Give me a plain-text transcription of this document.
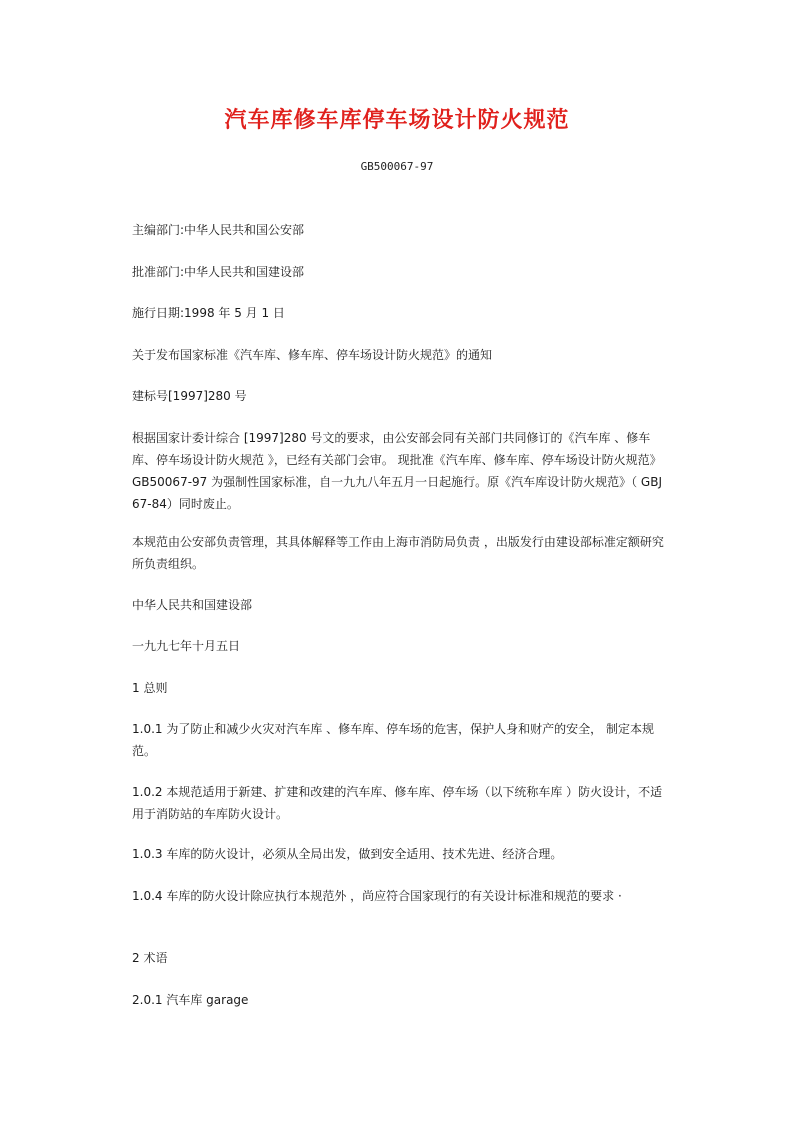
汽车库修车库停车场设计防火规范
GB500067-97
主编部门:中华人民共和国公安部
批准部门:中华人民共和国建设部
施行日期:1998 年 5 月 1 日
关于发布国家标准《汽车库、修车库、停车场设计防火规范》的通知
建标号[1997]280 号
根据国家计委计综合 [1997]280 号文的要求，由公安部会同有关部门共同修订的《汽车库 、修车库、停车场设计防火规范 》，已经有关部门会审。 现批准《汽车库、修车库、停车场设计防火规范》GB50067-97 为强制性国家标准，自一九九八年五月一日起施行。原《汽车库设计防火规范》（ GBJ67-84）同时废止。
本规范由公安部负责管理，其具体解释等工作由上海市消防局负责 ，出版发行由建设部标准定额研究所负责组织。
中华人民共和国建设部
一九九七年十月五日
1 总则
1.0.1 为了防止和减少火灾对汽车库 、修车库、停车场的危害，保护人身和财产的安全， 制定本规范。
1.0.2 本规范适用于新建、扩建和改建的汽车库、修车库、停车场（以下统称车库 ）防火设计，不适用于消防站的车库防火设计。
1.0.3 车库的防火设计，必须从全局出发，做到安全适用、技术先进、经济合理。
1.0.4 车库的防火设计除应执行本规范外 ，尚应符合国家现行的有关设计标准和规范的要求 ·
2 术语
2.0.1 汽车库 garage
